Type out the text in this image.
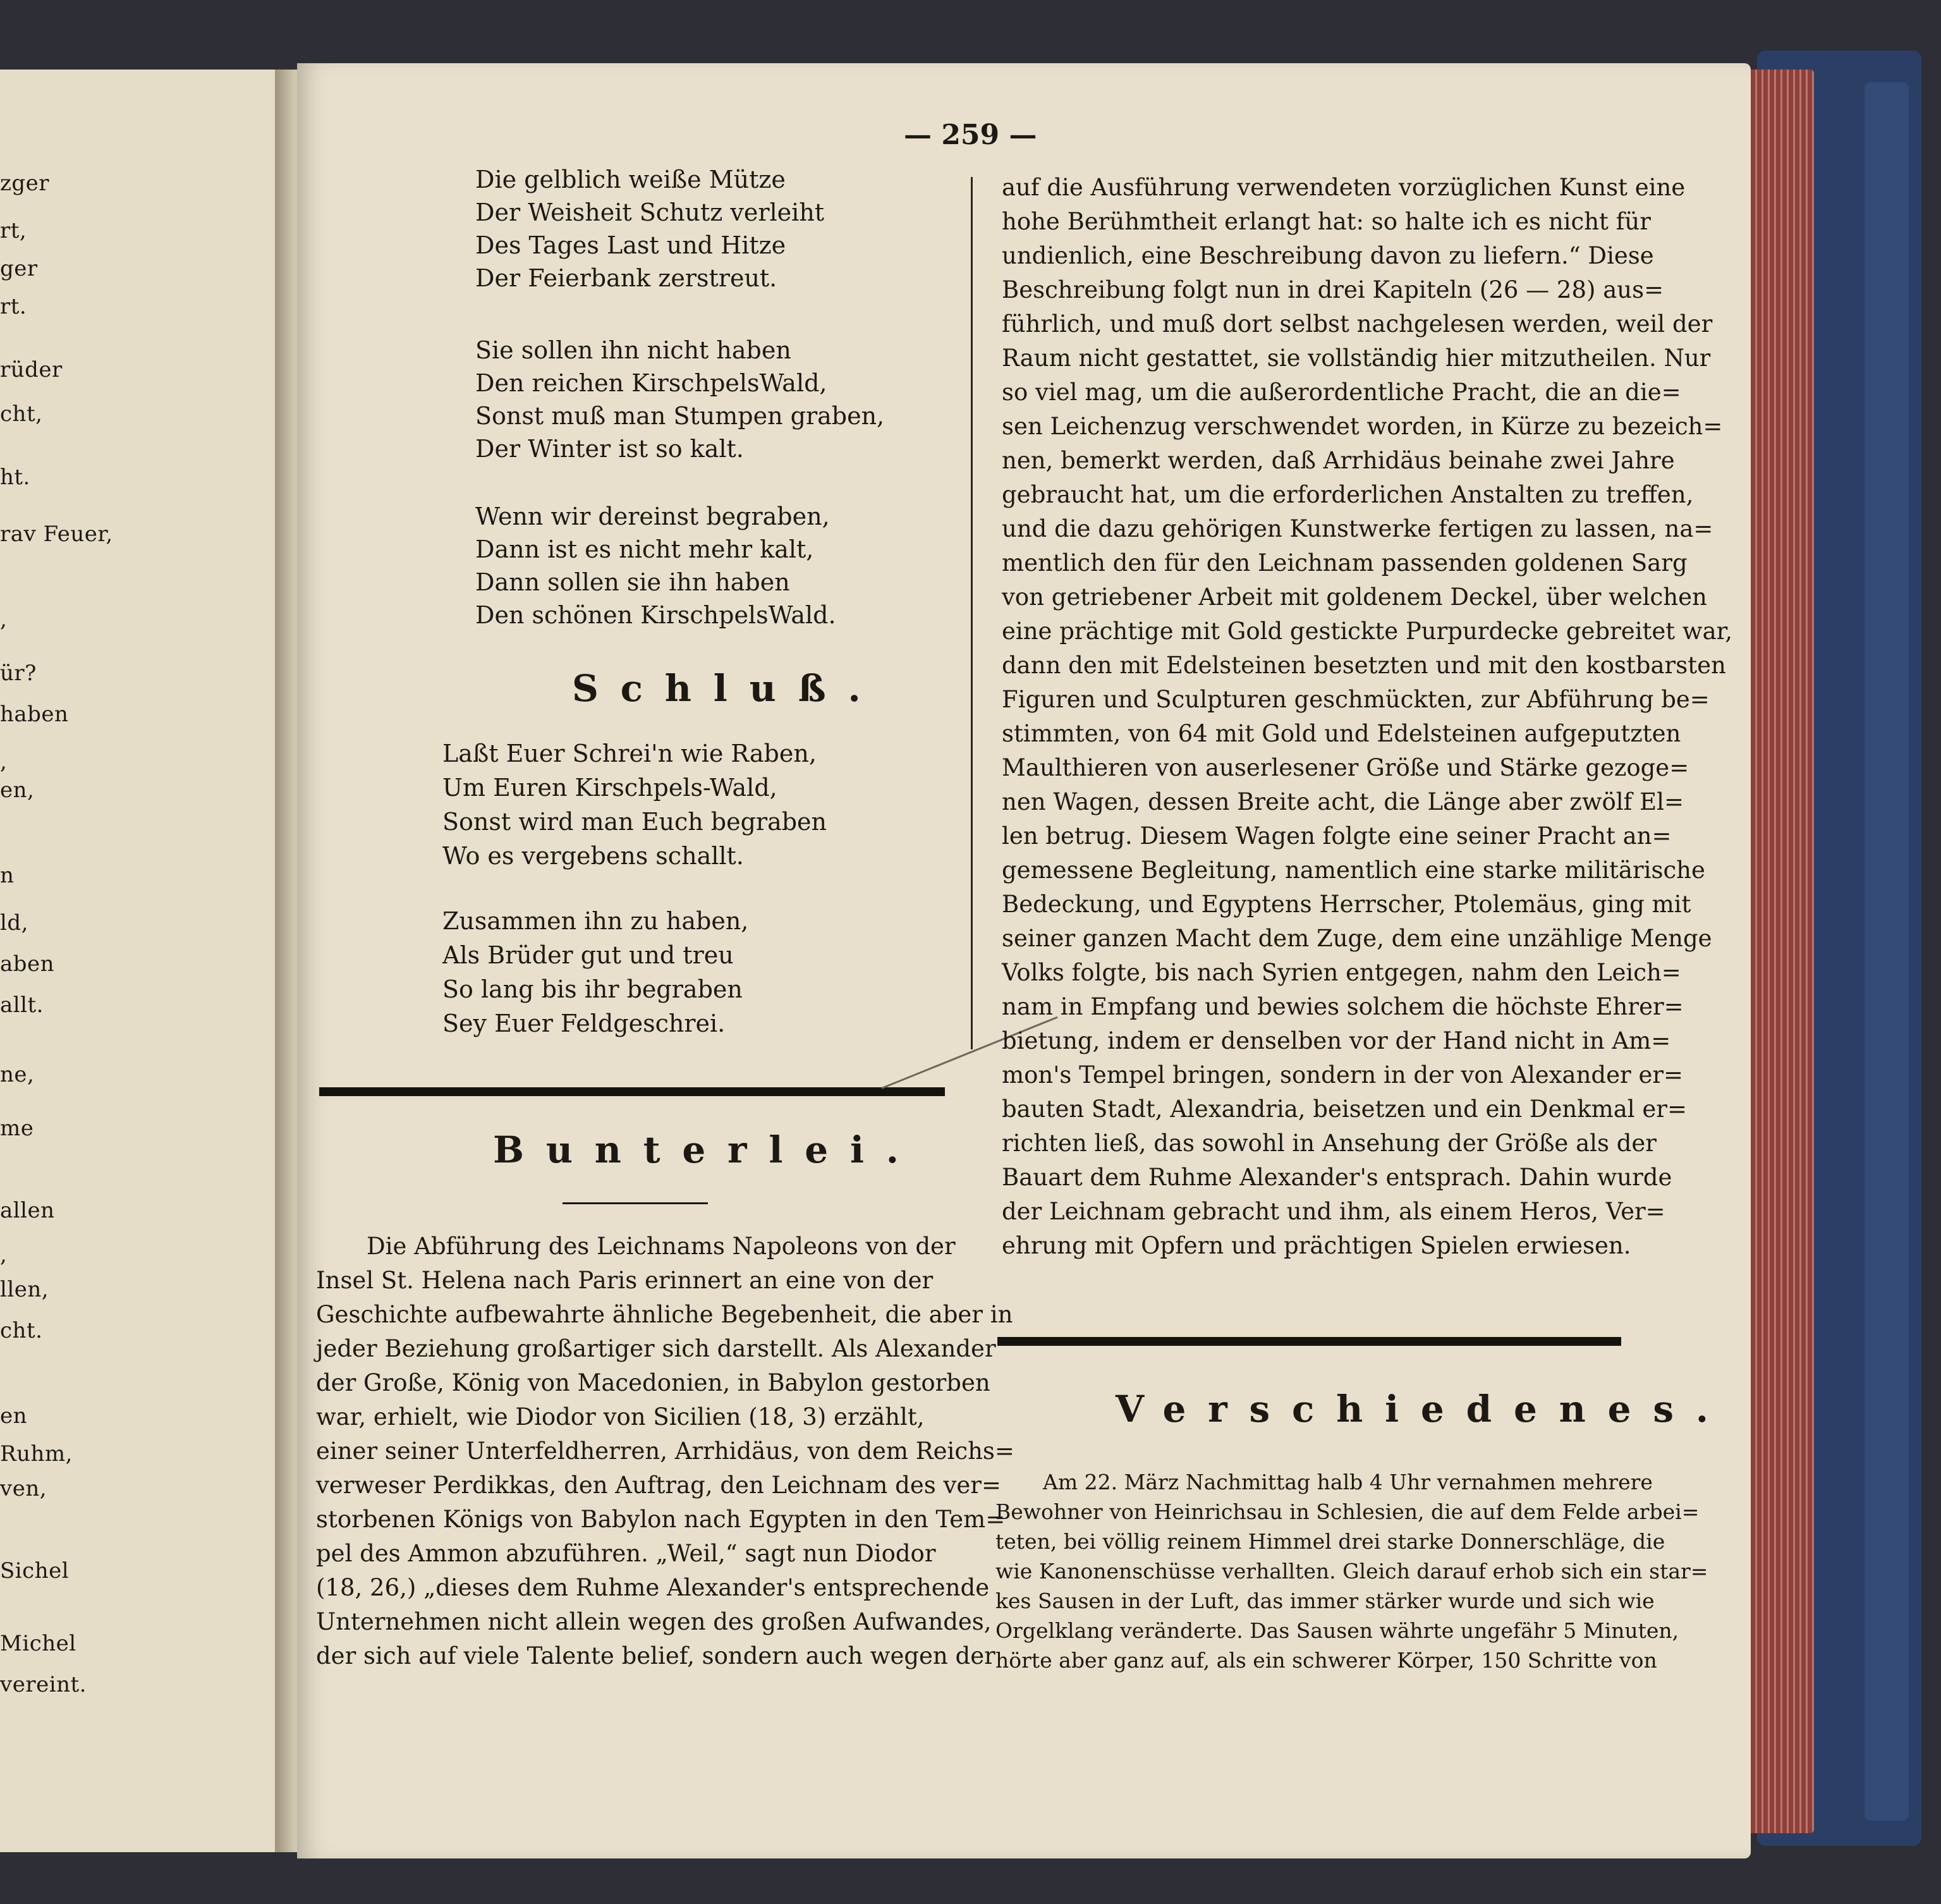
zger
rt,
ger
rt.
rüder
cht,
ht.
rav Feuer,
,
ür?
haben
,
en,
n
ld,
aben
allt.
ne,
me
allen
,
llen,
cht.
en
Ruhm,
ven,
Sichel
Michel
vereint.
— 259 —
Die gelblich weiße Mütze
Der Weisheit Schutz verleiht
Des Tages Last und Hitze
Der Feierbank zerstreut.
Sie sollen ihn nicht haben
Den reichen KirschpelsWald,
Sonst muß man Stumpen graben,
Der Winter ist so kalt.
Wenn wir dereinst begraben,
Dann ist es nicht mehr kalt,
Dann sollen sie ihn haben
Den schönen KirschpelsWald.
Schluß.
Laßt Euer Schrei'n wie Raben,
Um Euren Kirschpels-Wald,
Sonst wird man Euch begraben
Wo es vergebens schallt.
Zusammen ihn zu haben,
Als Brüder gut und treu
So lang bis ihr begraben
Sey Euer Feldgeschrei.
Bunterlei.
Die Abführung des Leichnams Napoleons von der
Insel St. Helena nach Paris erinnert an eine von der
Geschichte aufbewahrte ähnliche Begebenheit, die aber in
jeder Beziehung großartiger sich darstellt. Als Alexander
der Große, König von Macedonien, in Babylon gestorben
war, erhielt, wie Diodor von Sicilien (18, 3) erzählt,
einer seiner Unterfeldherren, Arrhidäus, von dem Reichs=
verweser Perdikkas, den Auftrag, den Leichnam des ver=
storbenen Königs von Babylon nach Egypten in den Tem=
pel des Ammon abzuführen. „Weil,“ sagt nun Diodor
(18, 26,) „dieses dem Ruhme Alexander's entsprechende
Unternehmen nicht allein wegen des großen Aufwandes,
der sich auf viele Talente belief, sondern auch wegen der
auf die Ausführung verwendeten vorzüglichen Kunst eine
hohe Berühmtheit erlangt hat: so halte ich es nicht für
undienlich, eine Beschreibung davon zu liefern.“ Diese
Beschreibung folgt nun in drei Kapiteln (26 — 28) aus=
führlich, und muß dort selbst nachgelesen werden, weil der
Raum nicht gestattet, sie vollständig hier mitzutheilen. Nur
so viel mag, um die außerordentliche Pracht, die an die=
sen Leichenzug verschwendet worden, in Kürze zu bezeich=
nen, bemerkt werden, daß Arrhidäus beinahe zwei Jahre
gebraucht hat, um die erforderlichen Anstalten zu treffen,
und die dazu gehörigen Kunstwerke fertigen zu lassen, na=
mentlich den für den Leichnam passenden goldenen Sarg
von getriebener Arbeit mit goldenem Deckel, über welchen
eine prächtige mit Gold gestickte Purpurdecke gebreitet war,
dann den mit Edelsteinen besetzten und mit den kostbarsten
Figuren und Sculpturen geschmückten, zur Abführung be=
stimmten, von 64 mit Gold und Edelsteinen aufgeputzten
Maulthieren von auserlesener Größe und Stärke gezoge=
nen Wagen, dessen Breite acht, die Länge aber zwölf El=
len betrug. Diesem Wagen folgte eine seiner Pracht an=
gemessene Begleitung, namentlich eine starke militärische
Bedeckung, und Egyptens Herrscher, Ptolemäus, ging mit
seiner ganzen Macht dem Zuge, dem eine unzählige Menge
Volks folgte, bis nach Syrien entgegen, nahm den Leich=
nam in Empfang und bewies solchem die höchste Ehrer=
bietung, indem er denselben vor der Hand nicht in Am=
mon's Tempel bringen, sondern in der von Alexander er=
bauten Stadt, Alexandria, beisetzen und ein Denkmal er=
richten ließ, das sowohl in Ansehung der Größe als der
Bauart dem Ruhme Alexander's entsprach. Dahin wurde
der Leichnam gebracht und ihm, als einem Heros, Ver=
ehrung mit Opfern und prächtigen Spielen erwiesen.
Verschiedenes.
Am 22. März Nachmittag halb 4 Uhr vernahmen mehrere
Bewohner von Heinrichsau in Schlesien, die auf dem Felde arbei=
teten, bei völlig reinem Himmel drei starke Donnerschläge, die
wie Kanonenschüsse verhallten. Gleich darauf erhob sich ein star=
kes Sausen in der Luft, das immer stärker wurde und sich wie
Orgelklang veränderte. Das Sausen währte ungefähr 5 Minuten,
hörte aber ganz auf, als ein schwerer Körper, 150 Schritte von
